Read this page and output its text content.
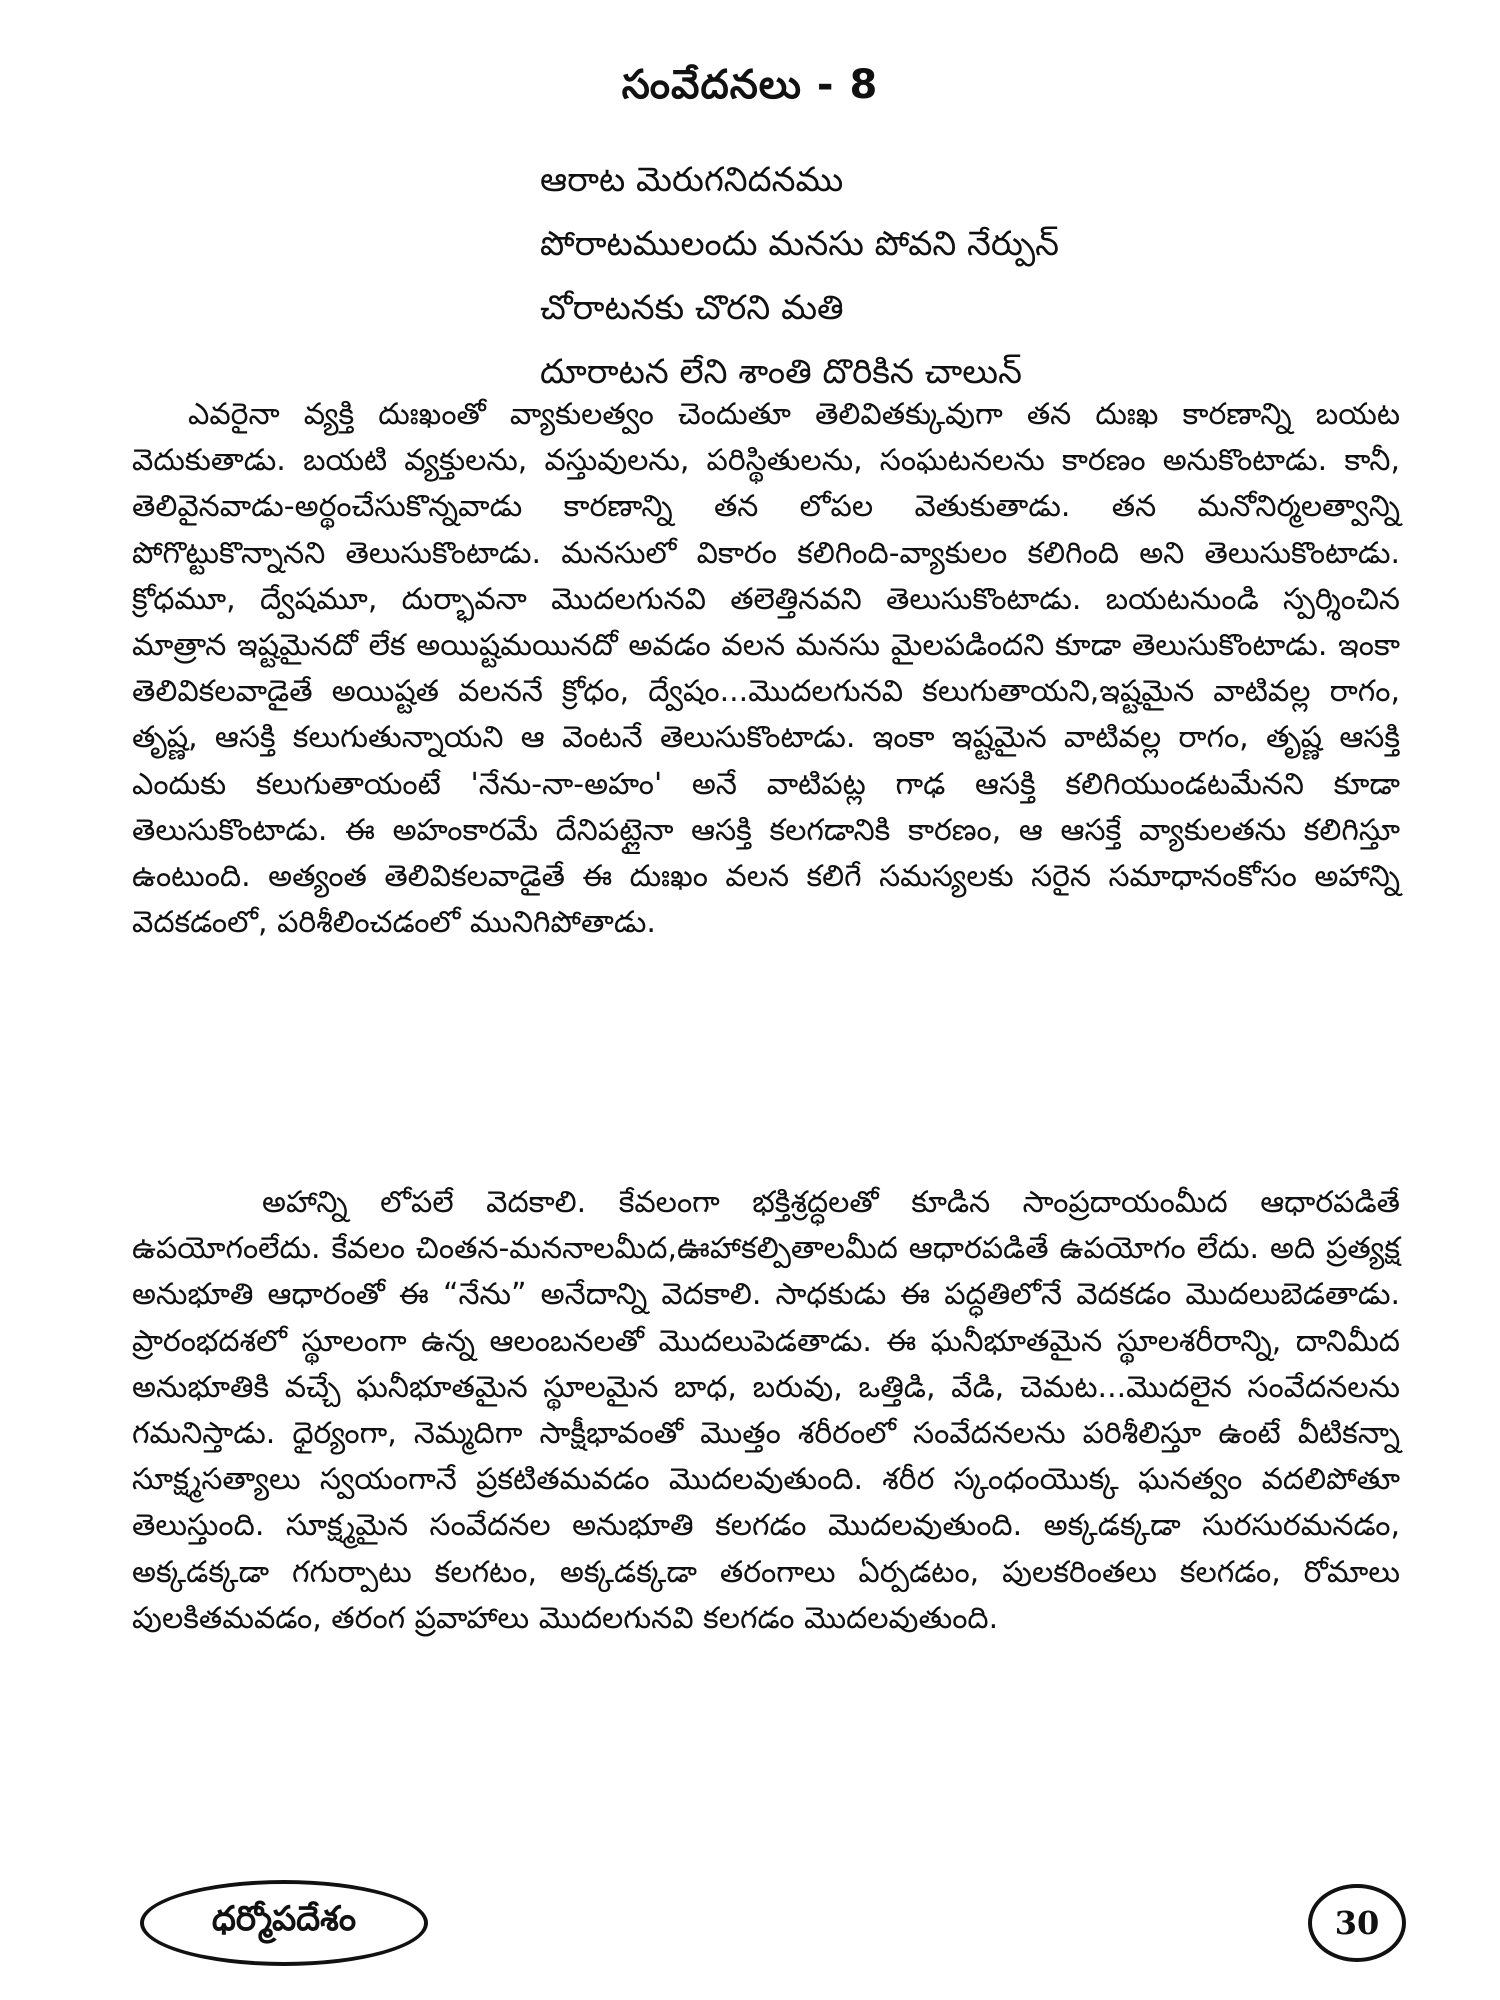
సంవేదనలు - 8
ఆరాట మెరుగనిదనము
పోరాటములందు మనసు పోవని నేర్పున్
చోరాటనకు చొరని మతి
దూరాటన లేని శాంతి దొరికిన చాలున్

ఎవరైనా వ్యక్తి దుఃఖంతో వ్యాకులత్వం చెందుతూ తెలివితక్కువుగా తన దుఃఖ కారణాన్ని బయట వెదుకుతాడు. బయటి వ్యక్తులను, వస్తువులను, పరిస్థితులను, సంఘటనలను కారణం అనుకొంటాడు. కానీ, తెలివైనవాడు-అర్థంచేసుకొన్నవాడు కారణాన్ని తన లోపల వెతుకుతాడు. తన మనోనిర్మలత్వాన్ని పోగొట్టుకొన్నానని తెలుసుకొంటాడు. మనసులో వికారం కలిగింది-వ్యాకులం కలిగింది అని తెలుసుకొంటాడు. క్రోధమూ, ద్వేషమూ, దుర్భావనా మొదలగునవి తలెత్తినవని తెలుసుకొంటాడు. బయటనుండి స్పర్శించిన మాత్రాన ఇష్టమైనదో లేక అయిష్టమయినదో అవడం వలన మనసు మైలపడిందని కూడా తెలుసుకొంటాడు. ఇంకా తెలివికలవాడైతే అయిష్టత వలననే క్రోధం, ద్వేషం...మొదలగునవి కలుగుతాయని,ఇష్టమైన వాటివల్ల రాగం, తృష్ణ, ఆసక్తి కలుగుతున్నాయని ఆ వెంటనే తెలుసుకొంటాడు. ఇంకా ఇష్టమైన వాటివల్ల రాగం, తృష్ణ ఆసక్తి ఎందుకు కలుగుతాయంటే 'నేను-నా-అహం' అనే వాటిపట్ల గాఢ ఆసక్తి కలిగియుండటమేనని కూడా తెలుసుకొంటాడు. ఈ అహంకారమే దేనిపట్లైనా ఆసక్తి కలగడానికి కారణం, ఆ ఆసక్తే వ్యాకులతను కలిగిస్తూ ఉంటుంది. అత్యంత తెలివికలవాడైతే ఈ దుఃఖం వలన కలిగే సమస్యలకు సరైన సమాధానంకోసం అహాన్ని వెదకడంలో, పరిశీలించడంలో మునిగిపోతాడు.

అహాన్ని లోపలే వెదకాలి. కేవలంగా భక్తిశ్రద్ధలతో కూడిన సాంప్రదాయంమీద ఆధారపడితే ఉపయోగంలేదు. కేవలం చింతన-మననాలమీద,ఊహాకల్పితాలమీద ఆధారపడితే ఉపయోగం లేదు. అది ప్రత్యక్ష అనుభూతి ఆధారంతో ఈ “నేను” అనేదాన్ని వెదకాలి. సాధకుడు ఈ పద్ధతిలోనే వెదకడం మొదలుబెడతాడు. ప్రారంభదశలో స్థూలంగా ఉన్న ఆలంబనలతో మొదలుపెడతాడు. ఈ ఘనీభూతమైన స్థూలశరీరాన్ని, దానిమీద అనుభూతికి వచ్చే ఘనీభూతమైన స్థూలమైన బాధ, బరువు, ఒత్తిడి, వేడి, చెమట...మొదలైన సంవేదనలను గమనిస్తాడు. ధైర్యంగా, నెమ్మదిగా సాక్షీభావంతో మొత్తం శరీరంలో సంవేదనలను పరిశీలిస్తూ ఉంటే వీటికన్నా సూక్ష్మసత్యాలు స్వయంగానే ప్రకటితమవడం మొదలవుతుంది. శరీర స్కంధంయొక్క ఘనత్వం వదలిపోతూ తెలుస్తుంది. సూక్ష్మమైన సంవేదనల అనుభూతి కలగడం మొదలవుతుంది. అక్కడక్కడా సురసురమనడం, అక్కడక్కడా గగుర్పాటు కలగటం, అక్కడక్కడా తరంగాలు ఏర్పడటం, పులకరింతలు కలగడం, రోమాలు పులకితమవడం, తరంగ ప్రవాహాలు మొదలగునవి కలగడం మొదలవుతుంది.

ధర్మోపదేశం	30
